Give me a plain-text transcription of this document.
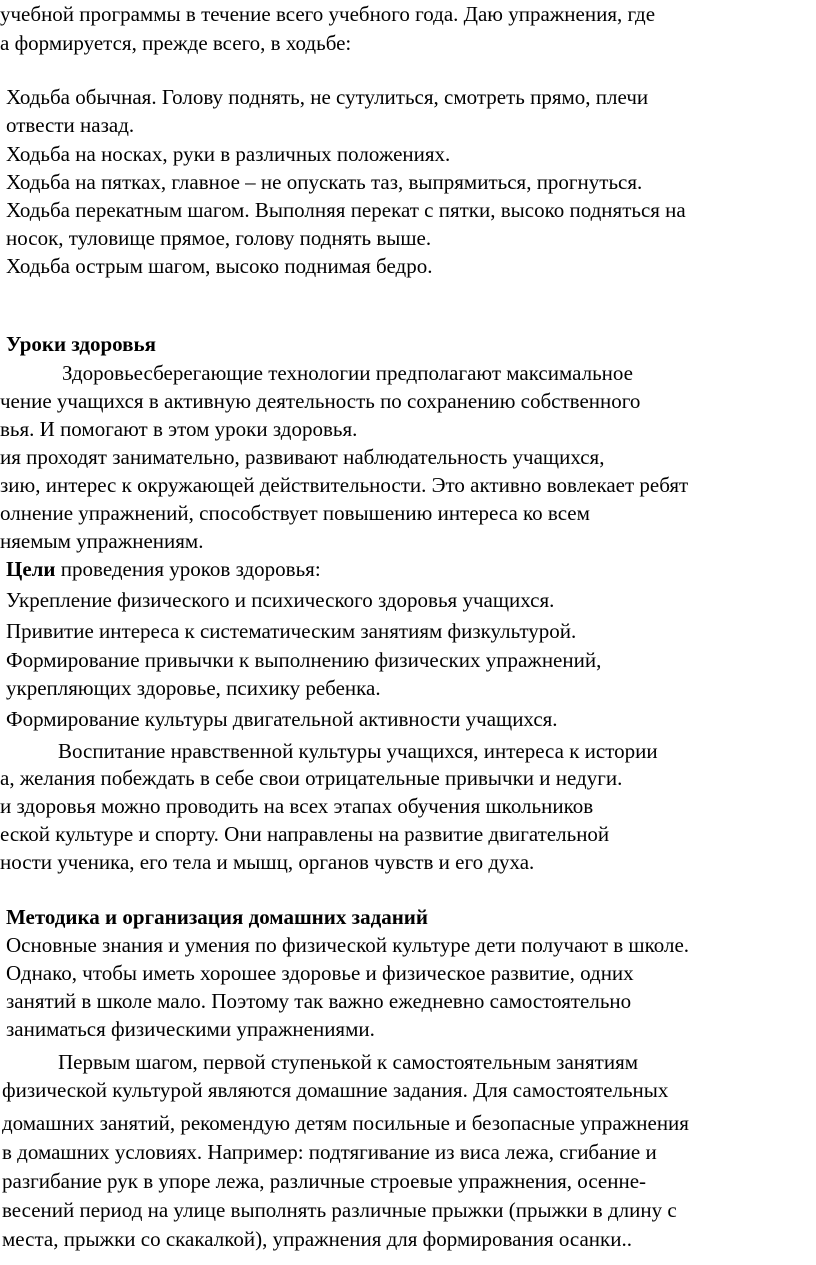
учебной программы в течение всего учебного года. Даю упражнения, где
а формируется, прежде всего, в ходьбе:
Ходьба обычная. Голову поднять, не сутулиться, смотреть прямо, плечи
отвести назад.
Ходьба на носках, руки в различных положениях.
Ходьба на пятках, главное – не опускать таз, выпрямиться, прогнуться.
Ходьба перекатным шагом. Выполняя перекат с пятки, высоко подняться на
носок, туловище прямое, голову поднять выше.
Ходьба острым шагом, высоко поднимая бедро.
Уроки здоровья
Здоровьесберегающие технологии предполагают максимальное
чение учащихся в активную деятельность по сохранению собственного
вья. И помогают в этом уроки здоровья.
ия проходят занимательно, развивают наблюдательность учащихся,
зию, интерес к окружающей действительности. Это активно вовлекает ребят
олнение упражнений, способствует повышению интереса ко всем
няемым упражнениям.
Цели проведения уроков здоровья:
Укрепление физического и психического здоровья учащихся.
Привитие интереса к систематическим занятиям физкультурой.
Формирование привычки к выполнению физических упражнений,
укрепляющих здоровье, психику ребенка.
Формирование культуры двигательной активности учащихся.
Воспитание нравственной культуры учащихся, интереса к истории
а, желания побеждать в себе свои отрицательные привычки и недуги.
и здоровья можно проводить на всех этапах обучения школьников
еской культуре и спорту. Они направлены на развитие двигательной
ности ученика, его тела и мышц, органов чувств и его духа.
Методика и организация домашних заданий
Основные знания и умения по физической культуре дети получают в школе.
Однако, чтобы иметь хорошее здоровье и физическое развитие, одних
занятий в школе мало. Поэтому так важно ежедневно самостоятельно
заниматься физическими упражнениями.
Первым шагом, первой ступенькой к самостоятельным занятиям
физической культурой являются домашние задания. Для самостоятельных
домашних занятий, рекомендую детям посильные и безопасные упражнения
в домашних условиях. Например: подтягивание из виса лежа, сгибание и
разгибание рук в упоре лежа, различные строевые упражнения, осенне-
весений период на улице выполнять различные прыжки (прыжки в длину с
места, прыжки со скакалкой), упражнения для формирования осанки..
